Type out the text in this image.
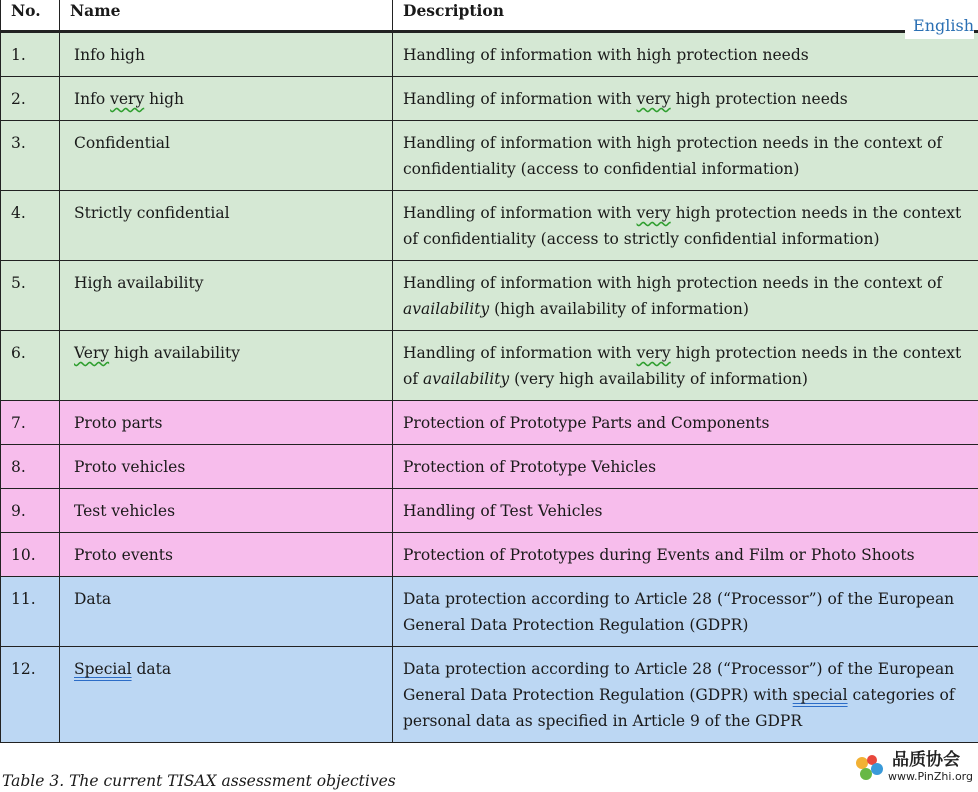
English
No.	Name	Description
1.	Info high	Handling of information with high protection needs
2.	Info very high	Handling of information with very high protection needs
3.	Confidential	Handling of information with high protection needs in the context of confidentiality (access to confidential information)
4.	Strictly confidential	Handling of information with very high protection needs in the context of confidentiality (access to strictly confidential information)
5.	High availability	Handling of information with high protection needs in the context of availability (high availability of information)
6.	Very high availability	Handling of information with very high protection needs in the context of availability (very high availability of information)
7.	Proto parts	Protection of Prototype Parts and Components
8.	Proto vehicles	Protection of Prototype Vehicles
9.	Test vehicles	Handling of Test Vehicles
10.	Proto events	Protection of Prototypes during Events and Film or Photo Shoots
11.	Data	Data protection according to Article 28 (“Processor”) of the European General Data Protection Regulation (GDPR)
12.	Special data	Data protection according to Article 28 (“Processor”) of the European General Data Protection Regulation (GDPR) with special categories of personal data as specified in Article 9 of the GDPR
Table 3. The current TISAX assessment objectives
品质协会
www.PinZhi.org
